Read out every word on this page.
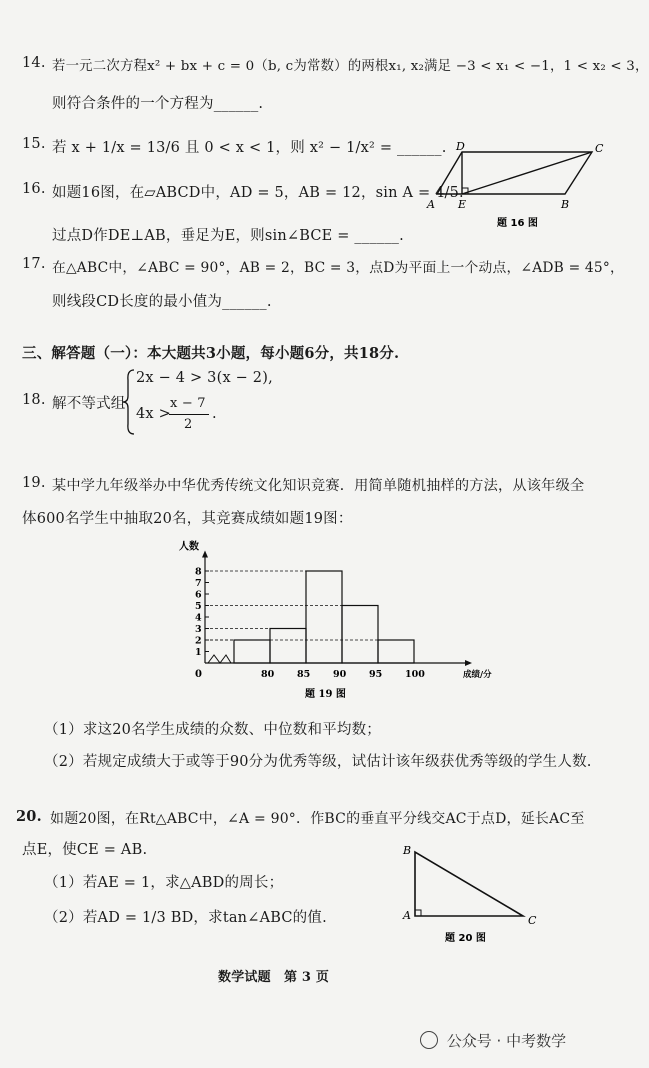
14. 若一元二次方程x² + bx + c = 0（b, c为常数）的两根x₁, x₂满足 −3 < x₁ < −1，1 < x₂ < 3，
则符合条件的一个方程为______.
15. 若 x + 1/x = 13/6 且 0 < x < 1，则 x² − 1/x² = ______.
16. 如题16图，在▱ABCD中，AD = 5，AB = 12，sin A = 4/5.
过点D作DE⊥AB，垂足为E，则sin∠BCE = ______.
D	C
A E	B
题 16 图
17. 在△ABC中，∠ABC = 90°，AB = 2，BC = 3，点D为平面上一个动点，∠ADB = 45°，
则线段CD长度的最小值为______.
三、解答题（一）：本大题共3小题，每小题6分，共18分.
18. 解不等式组
2x − 4 > 3(x − 2),
4x >
x − 7
2
.
19. 某中学九年级举办中华优秀传统文化知识竞赛．用简单随机抽样的方法，从该年级全
体600名学生中抽取20名，其竞赛成绩如题19图：
人数
0
1
2
3
4
5
6
7
8
80 85 90 95 100	成绩/分
题 19 图
（1）求这20名学生成绩的众数、中位数和平均数；
（2）若规定成绩大于或等于90分为优秀等级，试估计该年级获优秀等级的学生人数.
20. 如题20图，在Rt△ABC中，∠A = 90°．作BC的垂直平分线交AC于点D，延长AC至
点E，使CE = AB.
（1）若AE = 1，求△ABD的周长；
（2）若AD = 1/3 BD，求tan∠ABC的值.
B
A	C
题 20 图
数学试题　第 3 页
公众号 · 中考数学
